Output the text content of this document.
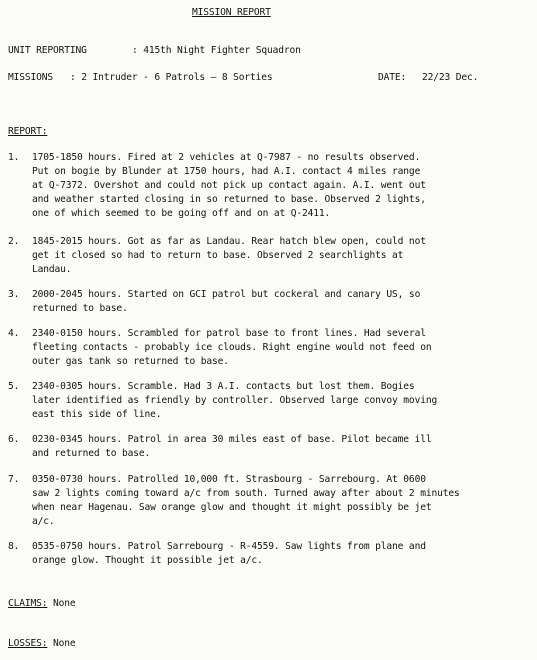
MISSION REPORT
UNIT REPORTING	: 415th Night Fighter Squadron
MISSIONS : 2 Intruder - 6 Patrols — 8 Sorties	DATE: 22/23 Dec.
REPORT:
1.	1705-1850 hours. Fired at 2 vehicles at Q-7987 - no results observed.
Put on bogie by Blunder at 1750 hours, had A.I. contact 4 miles range
at Q-7372. Overshot and could not pick up contact again. A.I. went out
and weather started closing in so returned to base. Observed 2 lights,
one of which seemed to be going off and on at Q-2411.
2.	1845-2015 hours. Got as far as Landau. Rear hatch blew open, could not
get it closed so had to return to base. Observed 2 searchlights at
Landau.
3.	2000-2045 hours. Started on GCI patrol but cockeral and canary US, so
returned to base.
4.	2340-0150 hours. Scrambled for patrol base to front lines. Had several
fleeting contacts - probably ice clouds. Right engine would not feed on
outer gas tank so returned to base.
5.	2340-0305 hours. Scramble. Had 3 A.I. contacts but lost them. Bogies
later identified as friendly by controller. Observed large convoy moving
east this side of line.
6.	0230-0345 hours. Patrol in area 30 miles east of base. Pilot became ill
and returned to base.
7.	0350-0730 hours. Patrolled 10,000 ft. Strasbourg - Sarrebourg. At 0600
saw 2 lights coming toward a/c from south. Turned away after about 2 minutes
when near Hagenau. Saw orange glow and thought it might possibly be jet
a/c.
8.	0535-0750 hours. Patrol Sarrebourg - R-4559. Saw lights from plane and
orange glow. Thought it possible jet a/c.
CLAIMS: None
LOSSES: None
